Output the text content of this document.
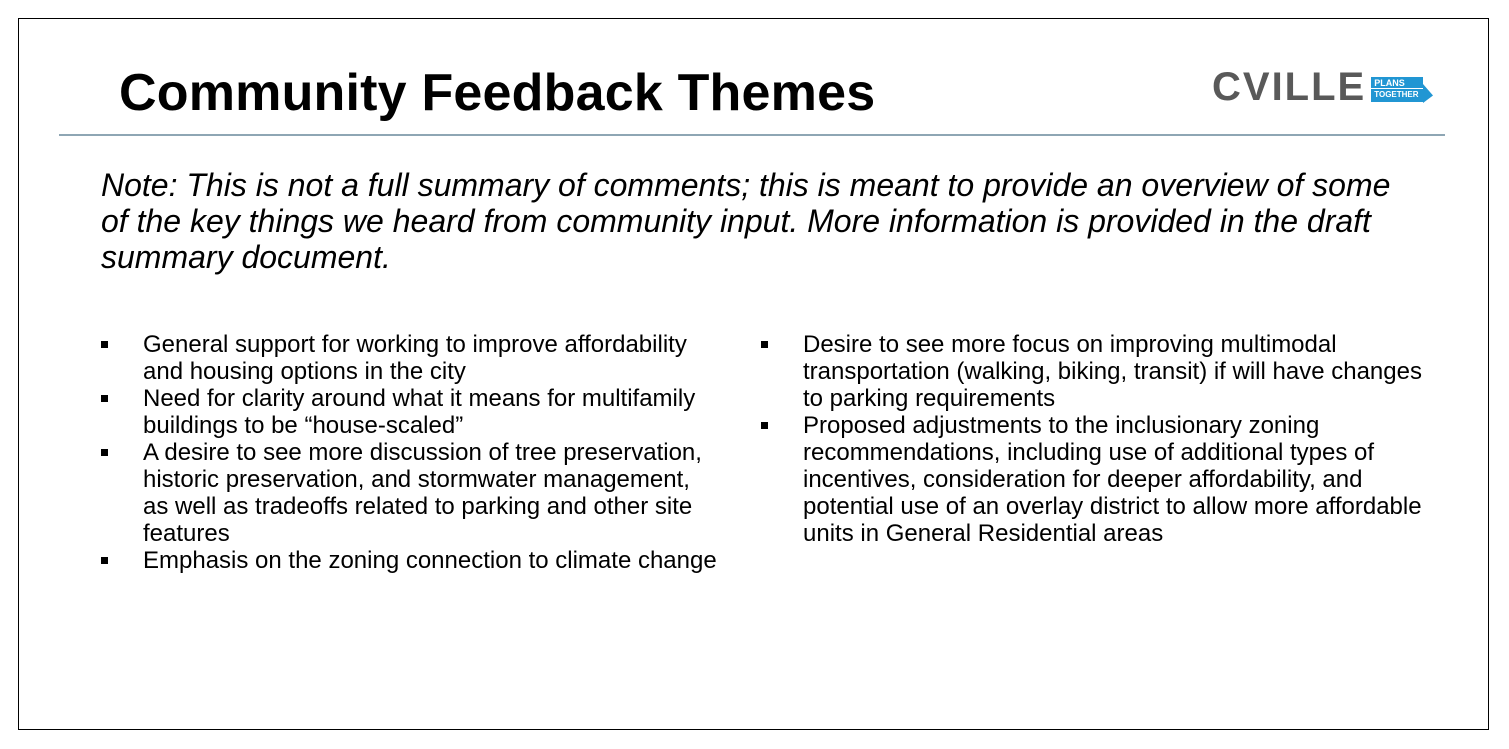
Community Feedback Themes	CVILLE PLANS
TOGETHER

Note: This is not a full summary of comments; this is meant to provide an overview of some of the key things we heard from community input. More information is provided in the draft summary document.

General support for working to improve affordability and housing options in the city
Need for clarity around what it means for multifamily buildings to be “house-scaled”
A desire to see more discussion of tree preservation, historic preservation, and stormwater management, as well as tradeoffs related to parking and other site features
Emphasis on the zoning connection to climate change
Desire to see more focus on improving multimodal transportation (walking, biking, transit) if will have changes to parking requirements
Proposed adjustments to the inclusionary zoning recommendations, including use of additional types of incentives, consideration for deeper affordability, and potential use of an overlay district to allow more affordable units in General Residential areas
